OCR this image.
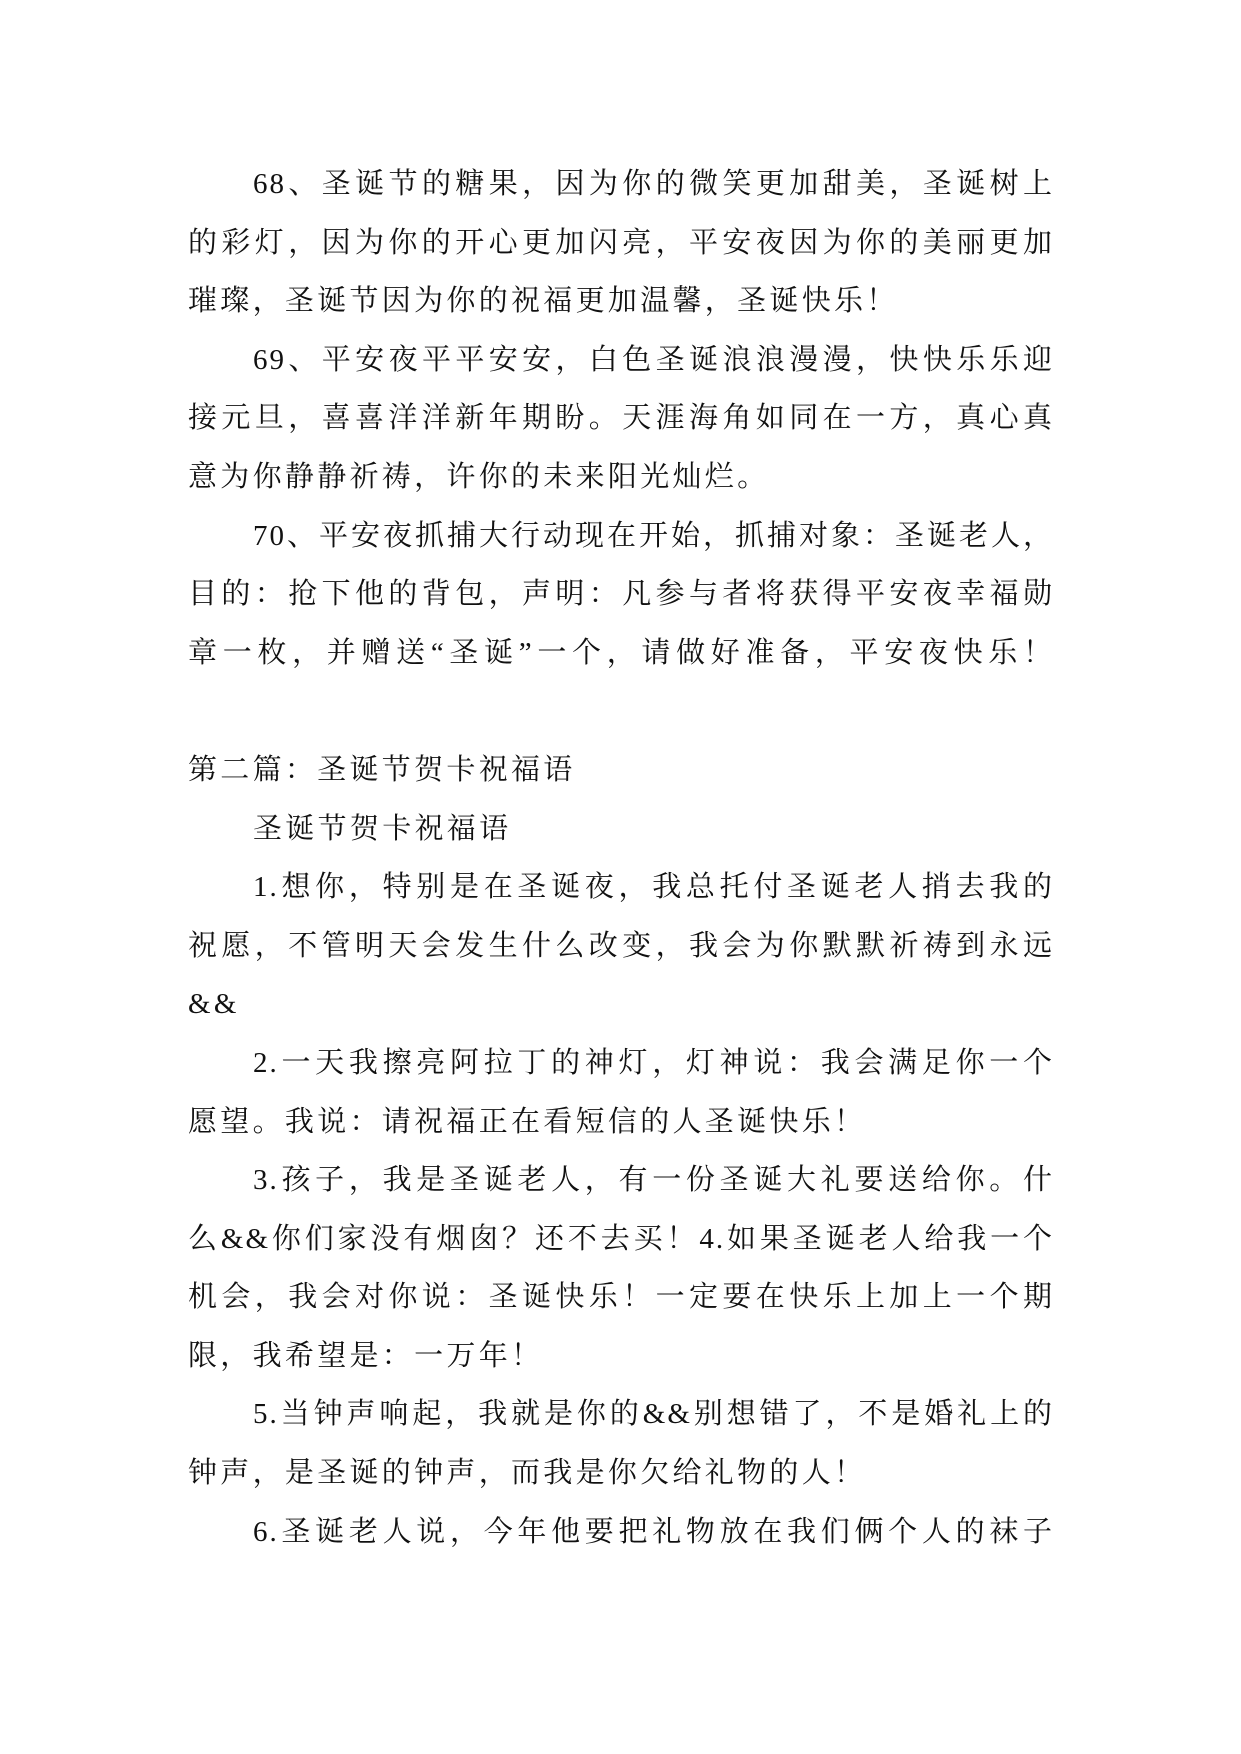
68、圣诞节的糖果，因为你的微笑更加甜美，圣诞树上
的彩灯，因为你的开心更加闪亮，平安夜因为你的美丽更加
璀璨，圣诞节因为你的祝福更加温馨，圣诞快乐！
69、平安夜平平安安，白色圣诞浪浪漫漫，快快乐乐迎
接元旦，喜喜洋洋新年期盼。天涯海角如同在一方，真心真
意为你静静祈祷，许你的未来阳光灿烂。
70、平安夜抓捕大行动现在开始，抓捕对象：圣诞老人，
目的：抢下他的背包，声明：凡参与者将获得平安夜幸福勋
章一枚，并赠送“圣诞”一个，请做好准备，平安夜快乐！
第二篇：圣诞节贺卡祝福语
圣诞节贺卡祝福语
1.想你，特别是在圣诞夜，我总托付圣诞老人捎去我的
祝愿，不管明天会发生什么改变，我会为你默默祈祷到永远
&&
2.一天我擦亮阿拉丁的神灯，灯神说：我会满足你一个
愿望。我说：请祝福正在看短信的人圣诞快乐！
3.孩子，我是圣诞老人，有一份圣诞大礼要送给你。什
么&&你们家没有烟囱？还不去买！4.如果圣诞老人给我一个
机会，我会对你说：圣诞快乐！一定要在快乐上加上一个期
限，我希望是：一万年！
5.当钟声响起，我就是你的&&别想错了，不是婚礼上的
钟声，是圣诞的钟声，而我是你欠给礼物的人！
6.圣诞老人说，今年他要把礼物放在我们俩个人的袜子
